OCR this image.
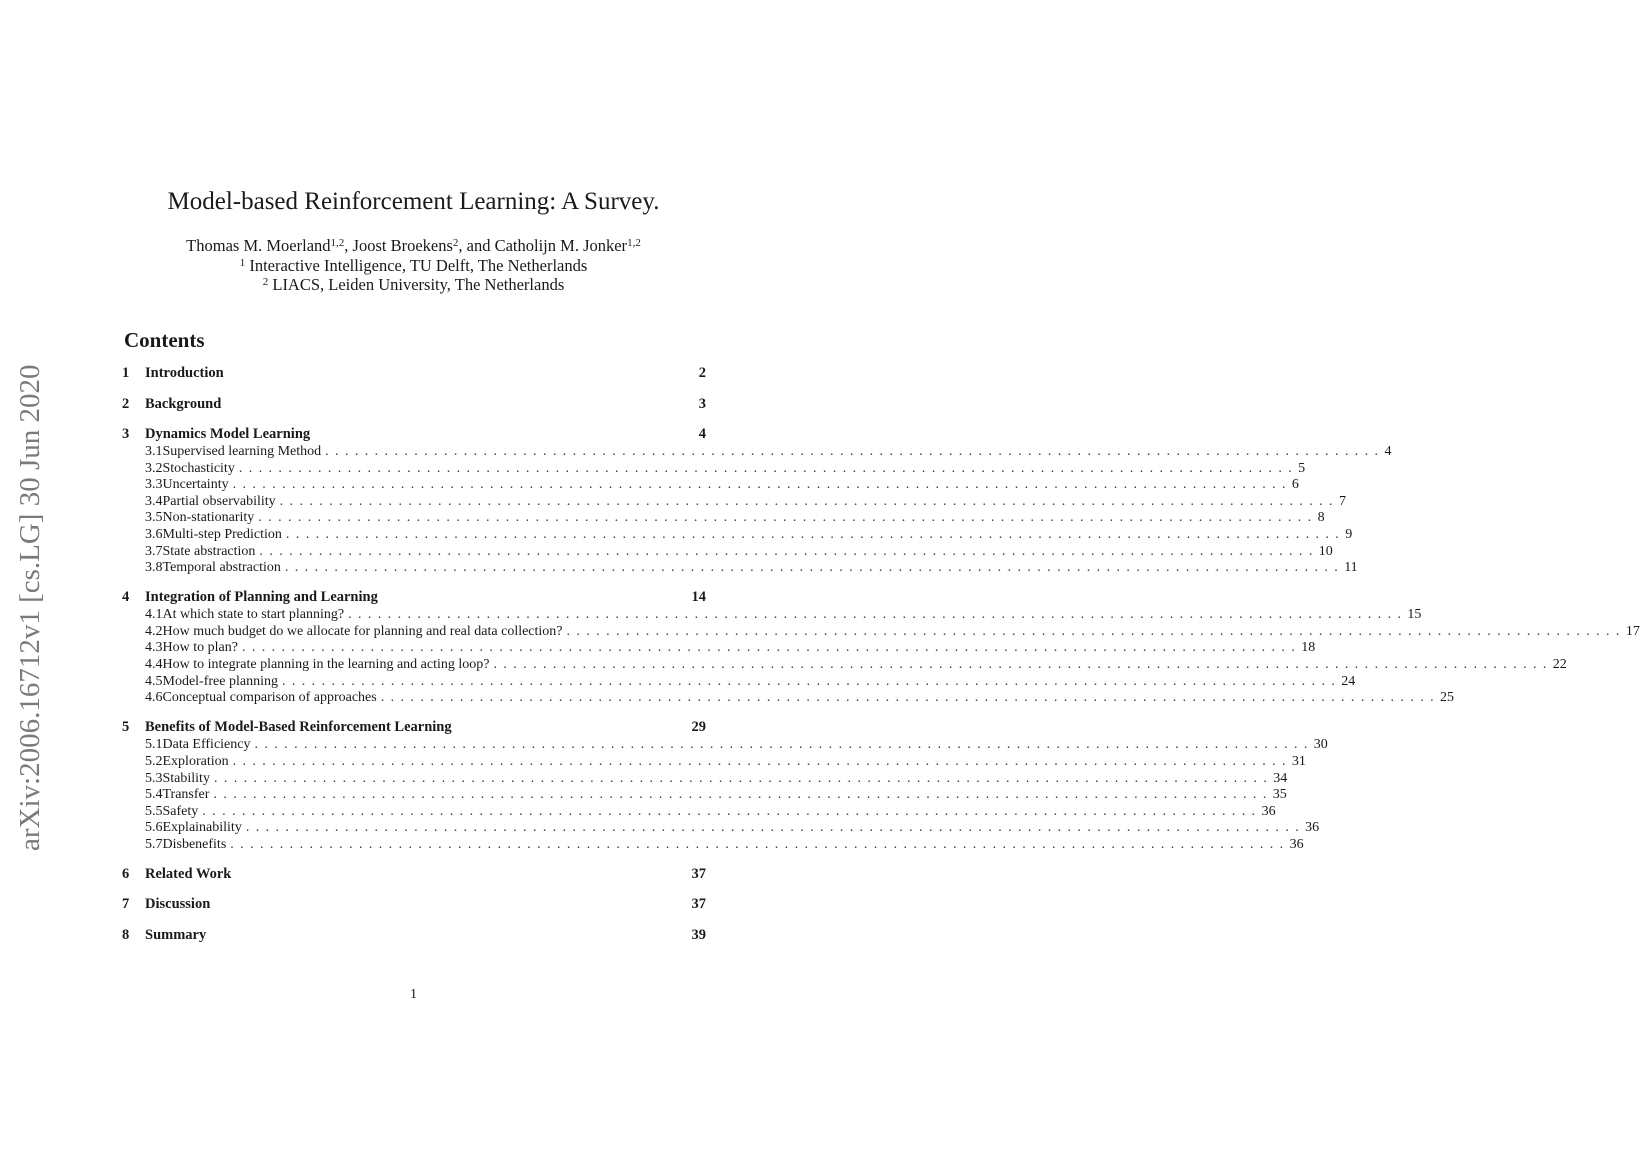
arXiv:2006.16712v1 [cs.LG] 30 Jun 2020
Model-based Reinforcement Learning: A Survey.
Thomas M. Moerland$^{1,2}$, Joost Broekens$^2$, and Catholijn M. Jonker$^{1,2}$
$^1$ Interactive Intelligence, TU Delft, The Netherlands
$^2$ LIACS, Leiden University, The Netherlands
Contents
1	Introduction	2
2	Background	3
3	Dynamics Model Learning	4
3.1 Supervised learning Method ........................................................................................................... 4
3.2 Stochasticity ........................................................................................................... 5
3.3 Uncertainty ........................................................................................................... 6
3.4 Partial observability ........................................................................................................... 7
3.5 Non-stationarity ........................................................................................................... 8
3.6 Multi-step Prediction ........................................................................................................... 9
3.7 State abstraction ........................................................................................................... 10
3.8 Temporal abstraction ........................................................................................................... 11
4	Integration of Planning and Learning	14
4.1 At which state to start planning? ........................................................................................................... 15
4.2 How much budget do we allocate for planning and real data collection? ........................................................................................................... 17
4.3 How to plan? ........................................................................................................... 18
4.4 How to integrate planning in the learning and acting loop? ........................................................................................................... 22
4.5 Model-free planning ........................................................................................................... 24
4.6 Conceptual comparison of approaches ........................................................................................................... 25
5	Benefits of Model-Based Reinforcement Learning	29
5.1 Data Efficiency ........................................................................................................... 30
5.2 Exploration ........................................................................................................... 31
5.3 Stability ........................................................................................................... 34
5.4 Transfer ........................................................................................................... 35
5.5 Safety ........................................................................................................... 36
5.6 Explainability ........................................................................................................... 36
5.7 Disbenefits ........................................................................................................... 36
6	Related Work	37
7	Discussion	37
8	Summary	39
1
